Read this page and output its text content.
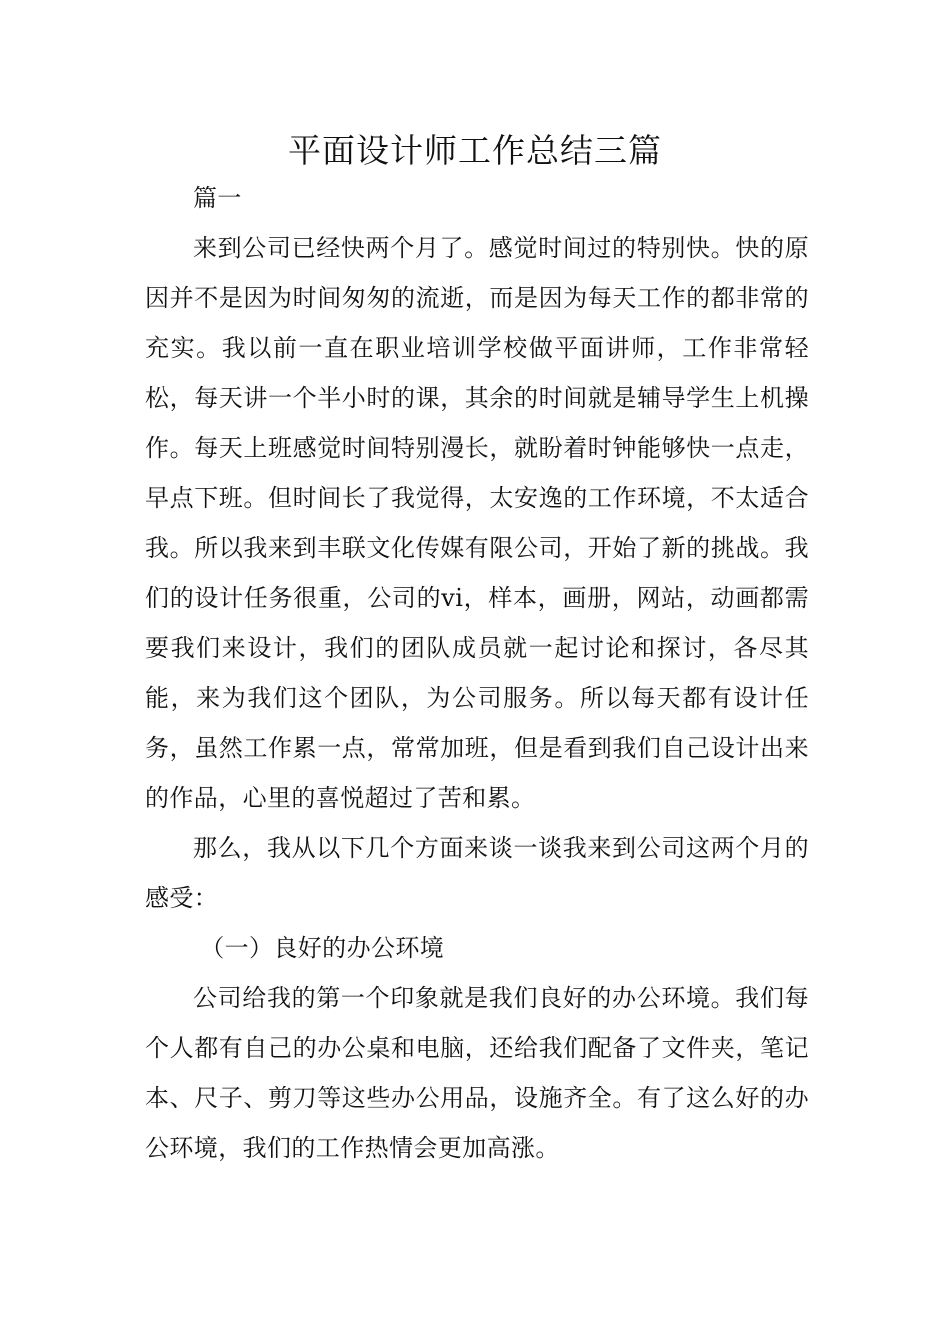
平面设计师工作总结三篇

篇一

来到公司已经快两个月了。感觉时间过的特别快。快的原因并不是因为时间匆匆的流逝，而是因为每天工作的都非常的充实。我以前一直在职业培训学校做平面讲师，工作非常轻松，每天讲一个半小时的课，其余的时间就是辅导学生上机操作。每天上班感觉时间特别漫长，就盼着时钟能够快一点走，早点下班。但时间长了我觉得，太安逸的工作环境，不太适合我。所以我来到丰联文化传媒有限公司，开始了新的挑战。我们的设计任务很重，公司的vi，样本，画册，网站，动画都需要我们来设计，我们的团队成员就一起讨论和探讨，各尽其能，来为我们这个团队，为公司服务。所以每天都有设计任务，虽然工作累一点，常常加班，但是看到我们自己设计出来的作品，心里的喜悦超过了苦和累。

那么，我从以下几个方面来谈一谈我来到公司这两个月的感受：

（一）良好的办公环境

公司给我的第一个印象就是我们良好的办公环境。我们每个人都有自己的办公桌和电脑，还给我们配备了文件夹，笔记本、尺子、剪刀等这些办公用品，设施齐全。有了这么好的办公环境，我们的工作热情会更加高涨。
